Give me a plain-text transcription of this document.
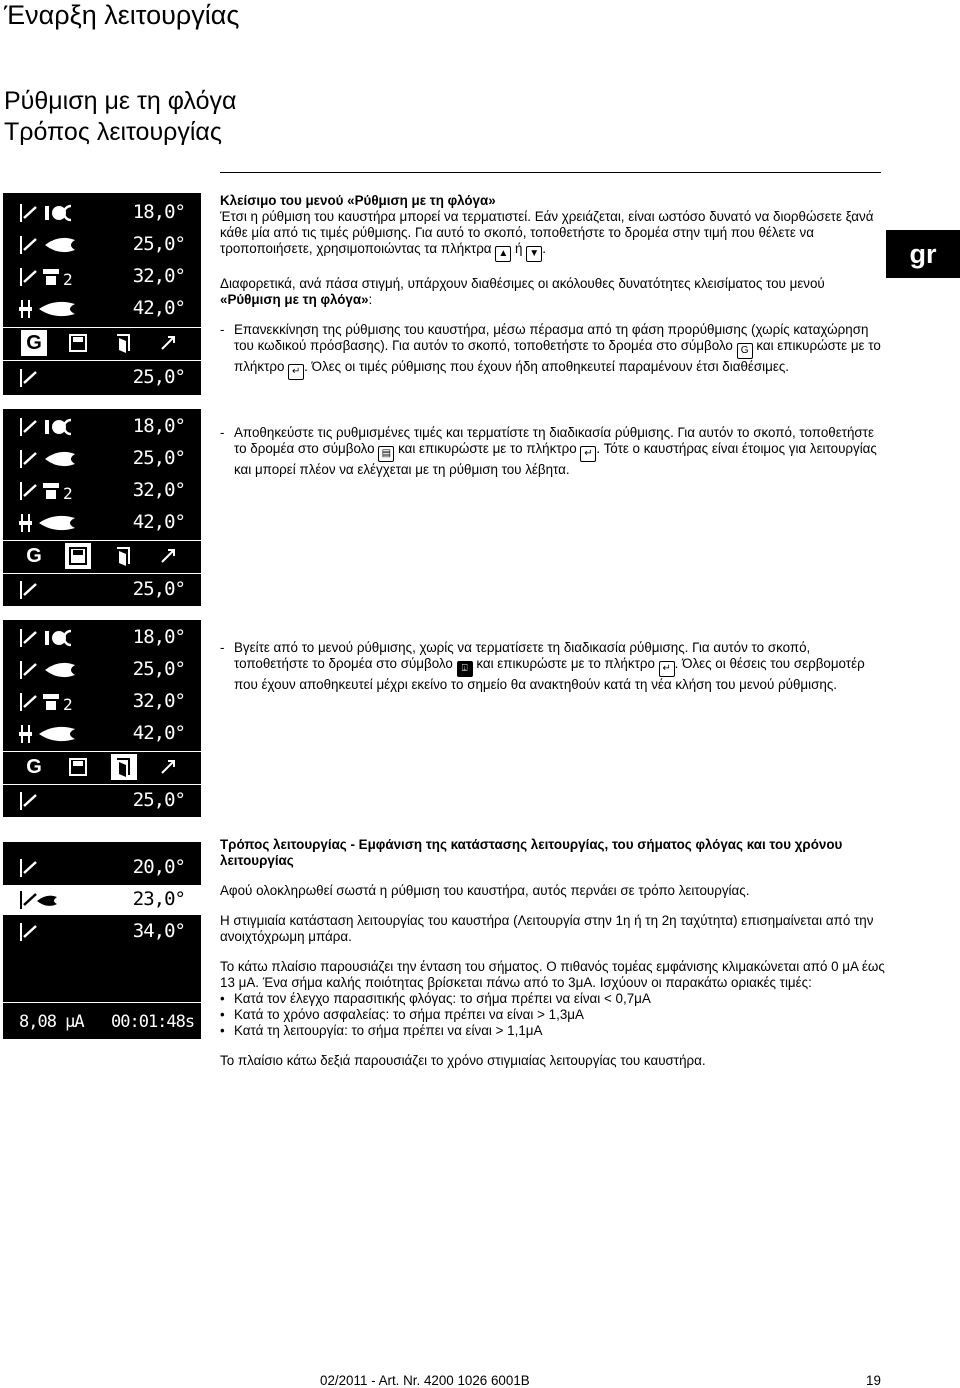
Έναρξη λειτουργίας
Ρύθμιση με τη φλόγα
Τρόπος λειτουργίας
gr
18,0°
25,0°
2	32,0°
42,0°
G
25,0°
18,0°
25,0°
2	32,0°
42,0°
G
25,0°
18,0°
25,0°
2	32,0°
42,0°
G
25,0°
20,0°
23,0°
34,0°
8,08 μA 00:01:48s

Κλείσιμο του μενού «Ρύθμιση με τη φλόγα»

Έτσι η ρύθμιση του καυστήρα μπορεί να τερματιστεί. Εάν χρειάζεται, είναι ωστόσο δυνατό να διορθώσετε ξανά κάθε μία από τις τιμές ρύθμισης. Για αυτό το σκοπό, τοποθετήστε το δρομέα στην τιμή που θέλετε να τροποποιήσετε, χρησιμοποιώντας τα πλήκτρα ▲ ή ▼ .

Διαφορετικά, ανά πάσα στιγμή, υπάρχουν διαθέσιμες οι ακόλουθες δυνατότητες κλεισίματος του μενού «Ρύθμιση με τη φλόγα»:

- Επανεκκίνηση της ρύθμισης του καυστήρα, μέσω πέρασμα από τη φάση προρύθμισης (χωρίς καταχώρηση του κωδικού πρόσβασης). Για αυτόν το σκοπό, τοποθετήστε το δρομέα στο σύμβολο G και επικυρώστε με το πλήκτρο ↵ . Όλες οι τιμές ρύθμισης που έχουν ήδη αποθηκευτεί παραμένουν έτσι διαθέσιμες.

- Αποθηκεύστε τις ρυθμισμένες τιμές και τερματίστε τη διαδικασία ρύθμισης. Για αυτόν το σκοπό, τοποθετήστε το δρομέα στο σύμβολο ▤ και επικυρώστε με το πλήκτρο ↵ . Τότε ο καυστήρας είναι έτοιμος για λειτουργίας και μπορεί πλέον να ελέγχεται με τη ρύθμιση του λέβητα.

- Βγείτε από το μενού ρύθμισης, χωρίς να τερματίσετε τη διαδικασία ρύθμισης. Για αυτόν το σκοπό, τοποθετήστε το δρομέα στο σύμβολο ⍗ και επικυρώστε με το πλήκτρο ↵ . Όλες οι θέσεις του σερβομοτέρ που έχουν αποθηκευτεί μέχρι εκείνο το σημείο θα ανακτηθούν κατά τη νέα κλήση του μενού ρύθμισης.

Τρόπος λειτουργίας - Εμφάνιση της κατάστασης λειτουργίας, του σήματος φλόγας και του χρόνου λειτουργίας

Αφού ολοκληρωθεί σωστά η ρύθμιση του καυστήρα, αυτός περνάει σε τρόπο λειτουργίας.

Η στιγμιαία κατάσταση λειτουργίας του καυστήρα (Λειτουργία στην 1η ή τη 2η ταχύτητα) επισημαίνεται από την ανοιχτόχρωμη μπάρα.

Το κάτω πλαίσιο παρουσιάζει την ένταση του σήματος. Ο πιθανός τομέας εμφάνισης κλιμακώνεται από 0 μA έως 13 μA. Ένα σήμα καλής ποιότητας βρίσκεται πάνω από το 3μA. Ισχύουν οι παρακάτω οριακές τιμές:

• Κατά τον έλεγχο παρασιτικής φλόγας: το σήμα πρέπει να είναι < 0,7μA
• Κατά το χρόνο ασφαλείας: το σήμα πρέπει να είναι > 1,3μA
• Κατά τη λειτουργία: το σήμα πρέπει να είναι > 1,1μA

Το πλαίσιο κάτω δεξιά παρουσιάζει το χρόνο στιγμιαίας λειτουργίας του καυστήρα.

02/2011 - Art. Nr. 4200 1026 6001B	19
